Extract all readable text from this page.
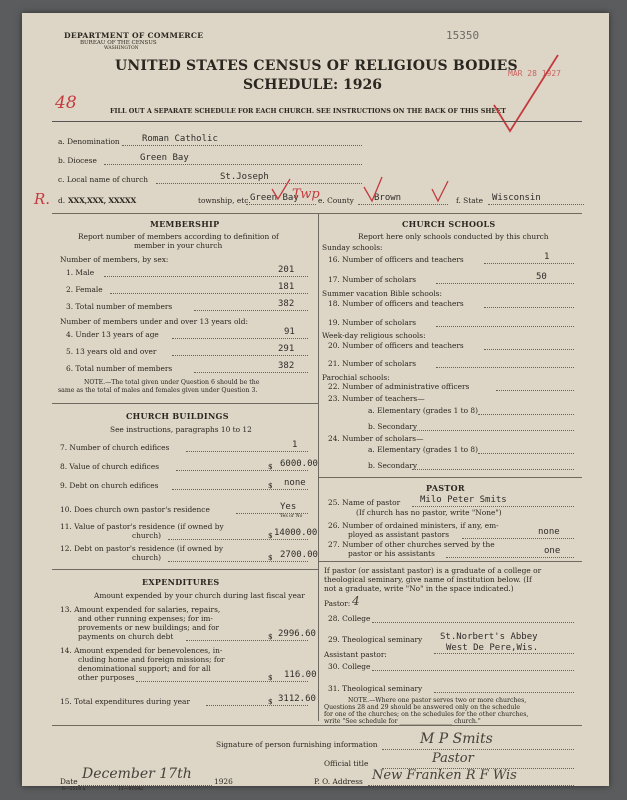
DEPARTMENT OF COMMERCE
BUREAU OF THE CENSUS
WASHINGTON
15350
UNITED STATES CENSUS OF RELIGIOUS BODIES
SCHEDULE: 1926
MAR 28 1927
48	FILL OUT A SEPARATE SCHEDULE FOR EACH CHURCH. SEE INSTRUCTIONS ON THE BACK OF THIS SHEET
a. Denomination Roman Catholic
b. Diocese	Green Bay
c. Local name of church	St.Joseph
R. d. XXX,XXX, XXXXX	township, etc. Green Bay
Twp
e. County Brown	f. State Wisconsin
MEMBERSHIP
Report number of members according to definition of
member in your church
Number of members, by sex:
1. Male	201
2. Female	181
3. Total number of members	382
Number of members under and over 13 years old:
4. Under 13 years of age	91
5. 13 years old and over	291
6. Total number of members	382
NOTE.—The total given under Question 6 should be the
same as the total of males and females given under Question 3.
CHURCH BUILDINGS
See instructions, paragraphs 10 to 12
7. Number of church edifices	1
8. Value of church edifices	$ 6000.00
9. Debt on church edifices	$ none
10. Does church own pastor's residence	Yes
Yes or No
11. Value of pastor's residence (if owned by
church)	$ 14000.00
12. Debt on pastor's residence (if owned by
church)	$ 2700.00
EXPENDITURES
Amount expended by your church during last fiscal year
13. Amount expended for salaries, repairs,
and other running expenses; for im-
provements or new buildings; and for
payments on church debt	$ 2996.60
14. Amount expended for benevolences, in-
cluding home and foreign missions; for
denominational support; and for all
other purposes	$ 116.00
15. Total expenditures during year	$ 3112.60
CHURCH SCHOOLS
Report here only schools conducted by this church
Sunday schools:
16. Number of officers and teachers	1
17. Number of scholars	50
Summer vacation Bible schools:
18. Number of officers and teachers
19. Number of scholars
Week-day religious schools:
20. Number of officers and teachers
21. Number of scholars
Parochial schools:
22. Number of administrative officers
23. Number of teachers—
a. Elementary (grades 1 to 8)
b. Secondary
24. Number of scholars—
a. Elementary (grades 1 to 8)
b. Secondary
PASTOR
25. Name of pastor Milo Peter Smits
(If church has no pastor, write "None")
26. Number of ordained ministers, if any, em-
ployed as assistant pastors	none
27. Number of other churches served by the
pastor or his assistants	one
If pastor (or assistant pastor) is a graduate of a college or
theological seminary, give name of institution below. (If
not a graduate, write "No" in the space indicated.)
Pastor: 4
28. College
29. Theological seminary St.Norbert's Abbey
West De Pere,Wis.
Assistant pastor:
30. College
31. Theological seminary
NOTE.—Where one pastor serves two or more churches,
Questions 28 and 29 should be answered only on the schedule
for one of the churches; on the schedules for the other churches,
write "See schedule for _________________ church."
Signature of person furnishing information	M P Smits
Official title	Pastor
Date December 17th	1926	P. O. Address New Franken R F Wis
6—5518 a	11—9164a
